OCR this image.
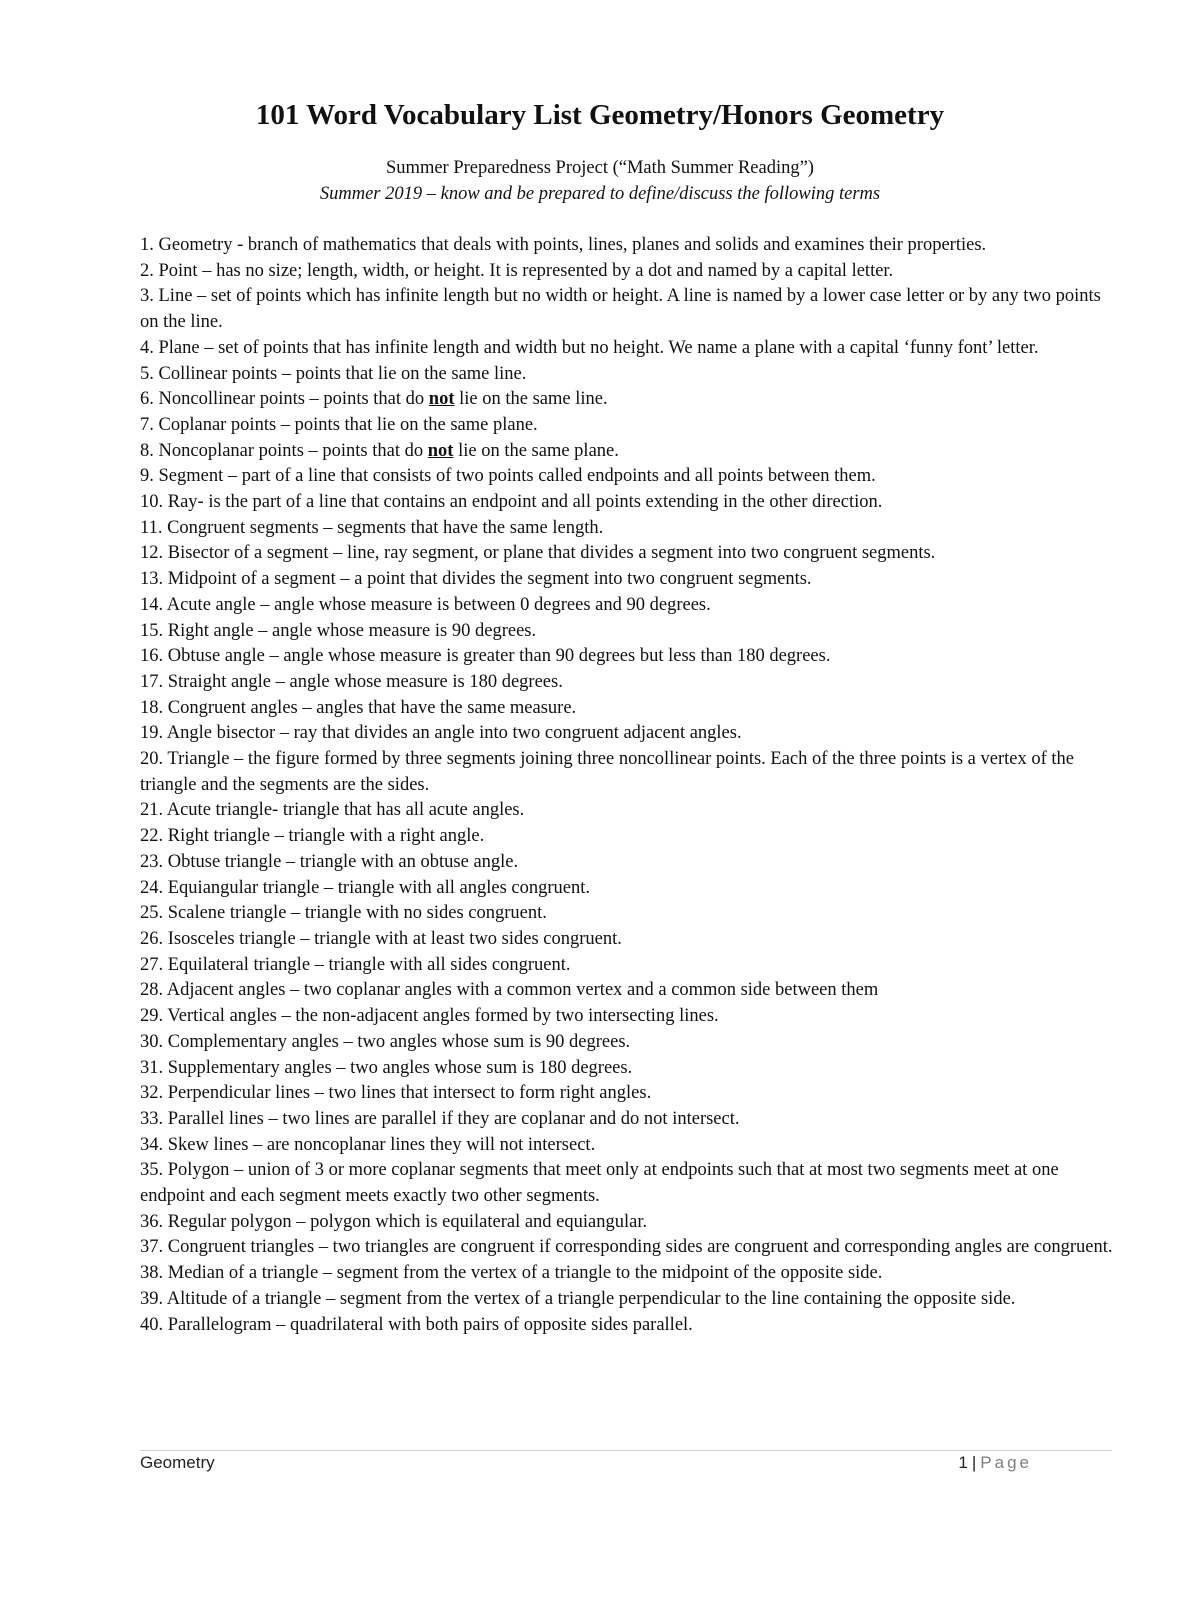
101 Word Vocabulary List Geometry/Honors Geometry

Summer Preparedness Project (“Math Summer Reading”)

Summer 2019 – know and be prepared to define/discuss the following terms

1. Geometry - branch of mathematics that deals with points, lines, planes and solids and examines their properties.
2. Point – has no size; length, width, or height. It is represented by a dot and named by a capital letter.
3. Line – set of points which has infinite length but no width or height. A line is named by a lower case letter or by any two points on the line.
4. Plane – set of points that has infinite length and width but no height. We name a plane with a capital ‘funny font’ letter.
5. Collinear points – points that lie on the same line.
6. Noncollinear points – points that do not lie on the same line.
7. Coplanar points – points that lie on the same plane.
8. Noncoplanar points – points that do not lie on the same plane.
9. Segment – part of a line that consists of two points called endpoints and all points between them.
10. Ray- is the part of a line that contains an endpoint and all points extending in the other direction.
11. Congruent segments – segments that have the same length.
12. Bisector of a segment – line, ray segment, or plane that divides a segment into two congruent segments.
13. Midpoint of a segment – a point that divides the segment into two congruent segments.
14. Acute angle – angle whose measure is between 0 degrees and 90 degrees.
15. Right angle – angle whose measure is 90 degrees.
16. Obtuse angle – angle whose measure is greater than 90 degrees but less than 180 degrees.
17. Straight angle – angle whose measure is 180 degrees.
18. Congruent angles – angles that have the same measure.
19. Angle bisector – ray that divides an angle into two congruent adjacent angles.
20. Triangle – the figure formed by three segments joining three noncollinear points. Each of the three points is a vertex of the triangle and the segments are the sides.
21. Acute triangle- triangle that has all acute angles.
22. Right triangle – triangle with a right angle.
23. Obtuse triangle – triangle with an obtuse angle.
24. Equiangular triangle – triangle with all angles congruent.
25. Scalene triangle – triangle with no sides congruent.
26. Isosceles triangle – triangle with at least two sides congruent.
27. Equilateral triangle – triangle with all sides congruent.
28. Adjacent angles – two coplanar angles with a common vertex and a common side between them
29. Vertical angles – the non-adjacent angles formed by two intersecting lines.
30. Complementary angles – two angles whose sum is 90 degrees.
31. Supplementary angles – two angles whose sum is 180 degrees.
32. Perpendicular lines – two lines that intersect to form right angles.
33. Parallel lines – two lines are parallel if they are coplanar and do not intersect.
34. Skew lines – are noncoplanar lines they will not intersect.
35. Polygon – union of 3 or more coplanar segments that meet only at endpoints such that at most two segments meet at one endpoint and each segment meets exactly two other segments.
36. Regular polygon – polygon which is equilateral and equiangular.
37. Congruent triangles – two triangles are congruent if corresponding sides are congruent and corresponding angles are congruent.
38. Median of a triangle – segment from the vertex of a triangle to the midpoint of the opposite side.
39. Altitude of a triangle – segment from the vertex of a triangle perpendicular to the line containing the opposite side.
40. Parallelogram – quadrilateral with both pairs of opposite sides parallel.
Geometry	1 | Page
